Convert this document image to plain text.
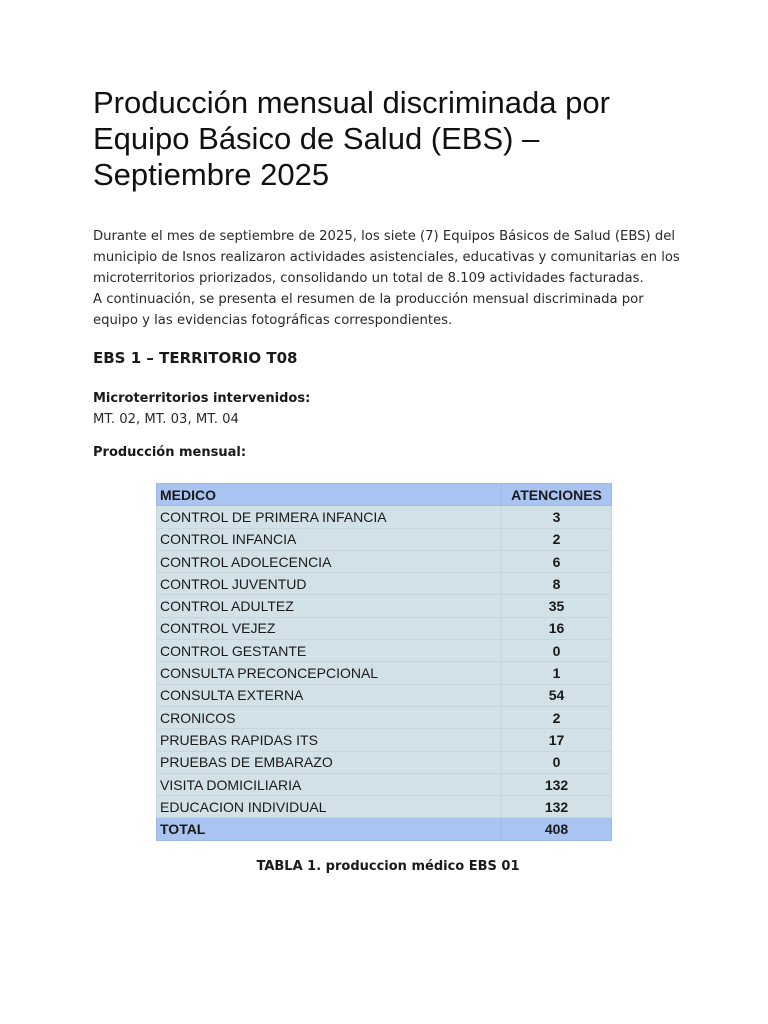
Producción mensual discriminada por Equipo Básico de Salud (EBS) – Septiembre 2025

Durante el mes de septiembre de 2025, los siete (7) Equipos Básicos de Salud (EBS) del municipio de Isnos realizaron actividades asistenciales, educativas y comunitarias en los microterritorios priorizados, consolidando un total de 8.109 actividades facturadas.

A continuación, se presenta el resumen de la producción mensual discriminada por equipo y las evidencias fotográficas correspondientes.

EBS 1 – TERRITORIO T08
Microterritorios intervenidos:
MT. 02, MT. 03, MT. 04
Producción mensual:
MEDICO	ATENCIONES
CONTROL DE PRIMERA INFANCIA	3
CONTROL INFANCIA	2
CONTROL ADOLECENCIA	6
CONTROL JUVENTUD	8
CONTROL ADULTEZ	35
CONTROL VEJEZ	16
CONTROL GESTANTE	0
CONSULTA PRECONCEPCIONAL	1
CONSULTA EXTERNA	54
CRONICOS	2
PRUEBAS RAPIDAS ITS	17
PRUEBAS DE EMBARAZO	0
VISITA DOMICILIARIA	132
EDUCACION INDIVIDUAL	132
TOTAL	408
TABLA 1. produccion médico EBS 01
